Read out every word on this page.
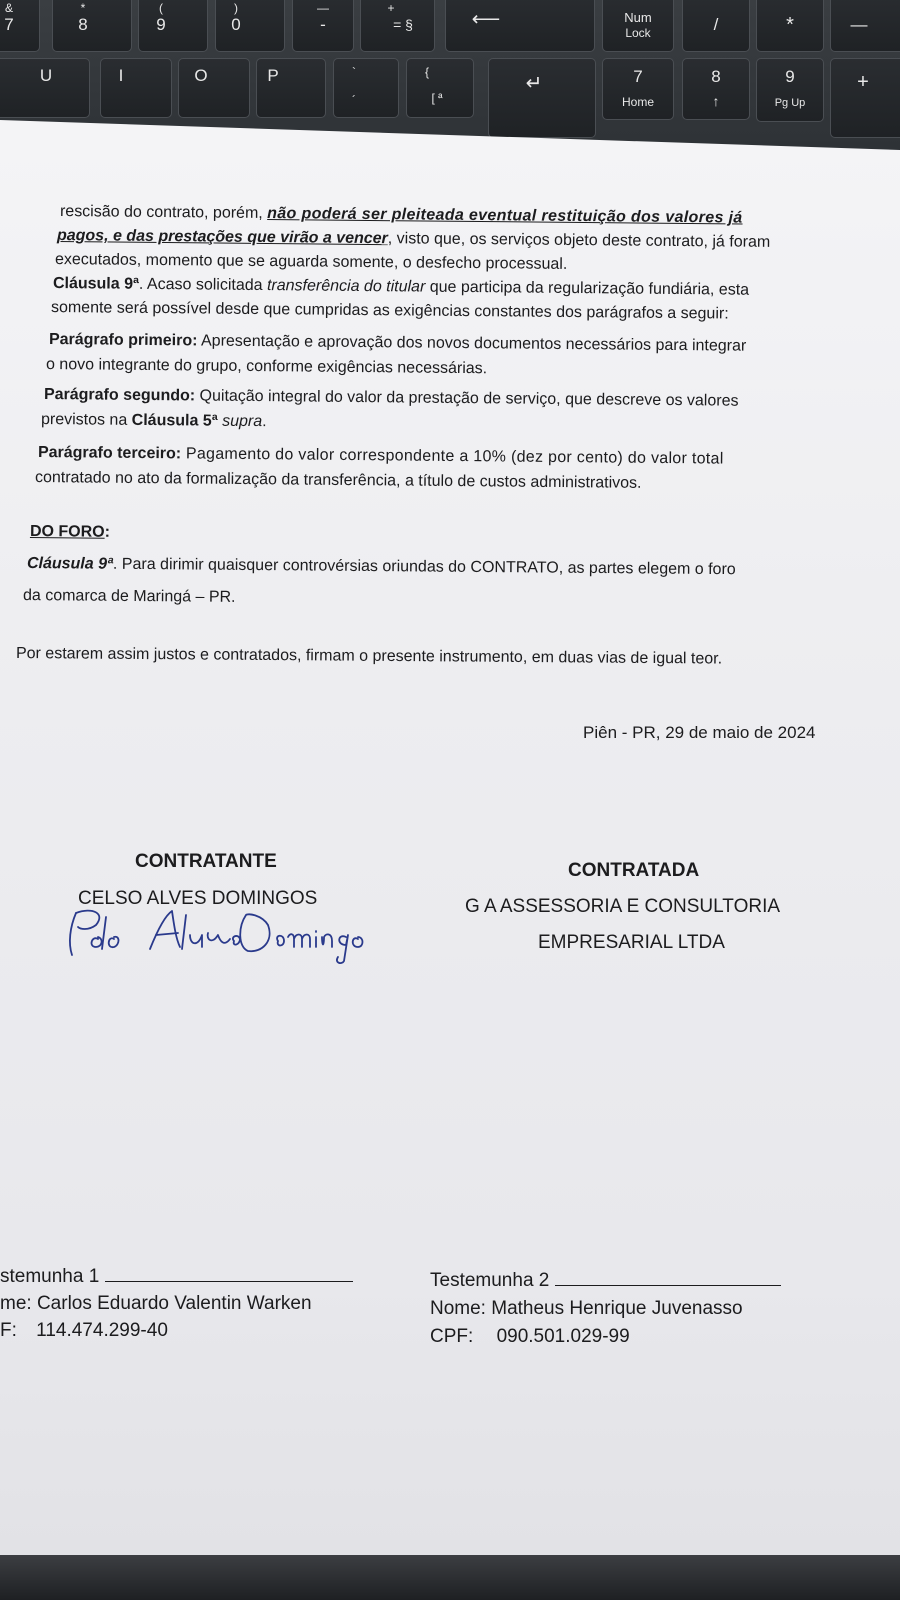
&
7
*
8
(
9
)
0
—
-
+
= §	⟵	Num
Lock	/	*	—
U	I	O	P	`
´
{
[ ª
↵	7
Home
8
↑
9
Pg Up
+
rescisão do contrato, porém, não poderá ser pleiteada eventual restituição dos valores já
pagos, e das prestações que virão a vencer, visto que, os serviços objeto deste contrato, já foram
executados, momento que se aguarda somente, o desfecho processual.
Cláusula 9ª. Acaso solicitada transferência do titular que participa da regularização fundiária, esta
somente será possível desde que cumpridas as exigências constantes dos parágrafos a seguir:
Parágrafo primeiro: Apresentação e aprovação dos novos documentos necessários para integrar
o novo integrante do grupo, conforme exigências necessárias.
Parágrafo segundo: Quitação integral do valor da prestação de serviço, que descreve os valores
previstos na Cláusula 5ª supra.
Parágrafo terceiro: Pagamento do valor correspondente a 10% (dez por cento) do valor total
contratado no ato da formalização da transferência, a título de custos administrativos.
DO FORO:
Cláusula 9ª. Para dirimir quaisquer controvérsias oriundas do CONTRATO, as partes elegem o foro
da comarca de Maringá – PR.
Por estarem assim justos e contratados, firmam o presente instrumento, em duas vias de igual teor.
Piên - PR, 29 de maio de 2024
CONTRATANTE
CELSO ALVES DOMINGOS
CONTRATADA
G A ASSESSORIA E CONSULTORIA
EMPRESARIAL LTDA
stemunha 1
me: Carlos Eduardo Valentin Warken
F: 114.474.299-40
Testemunha 2
Nome: Matheus Henrique Juvenasso
CPF: 090.501.029-99
